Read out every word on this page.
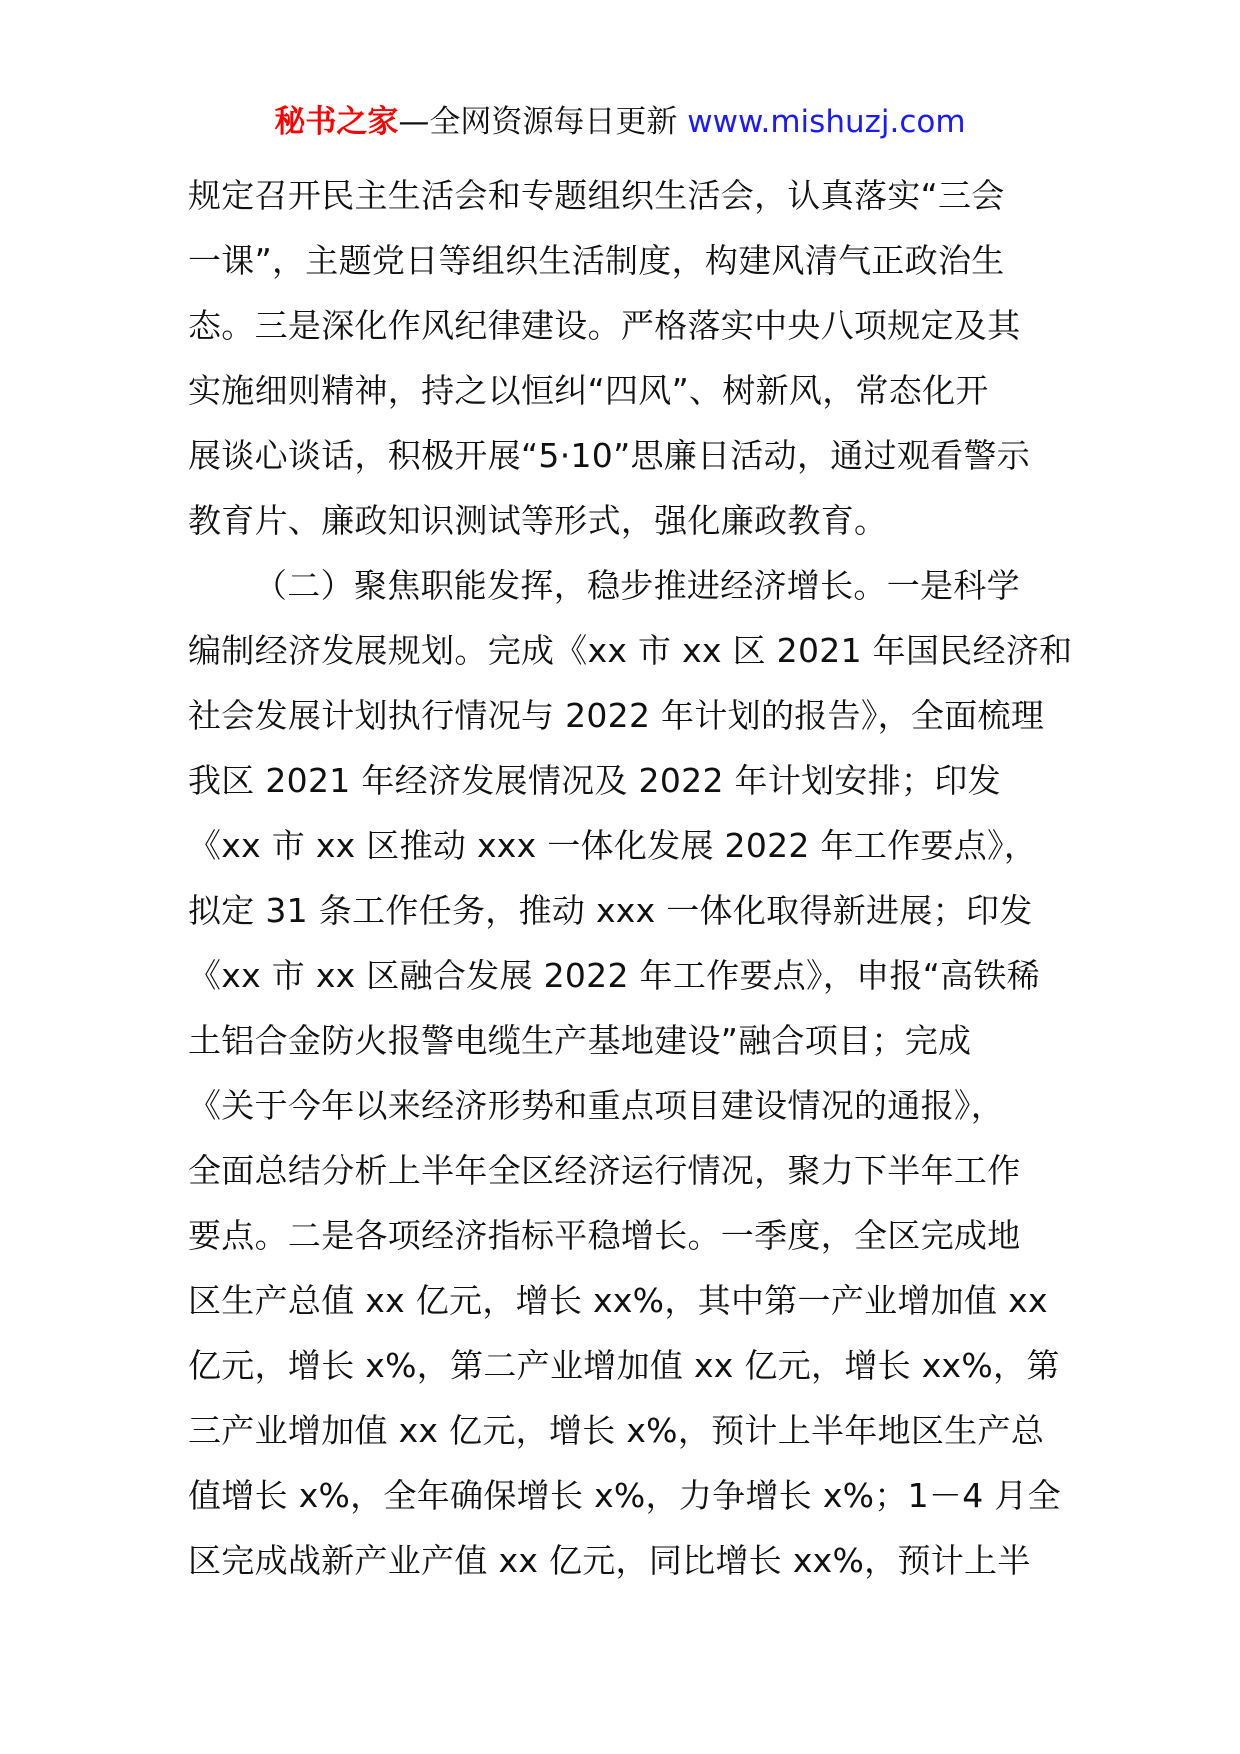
秘书之家—全网资源每日更新 www.mishuzj.com
规定召开民主生活会和专题组织生活会，认真落实“三会
一课”，主题党日等组织生活制度，构建风清气正政治生
态。三是深化作风纪律建设。严格落实中央八项规定及其
实施细则精神，持之以恒纠“四风”、树新风，常态化开
展谈心谈话，积极开展“5·10”思廉日活动，通过观看警示
教育片、廉政知识测试等形式，强化廉政教育。
（二）聚焦职能发挥，稳步推进经济增长。一是科学
编制经济发展规划。完成《xx 市 xx 区 2021 年国民经济和
社会发展计划执行情况与 2022 年计划的报告》，全面梳理
我区 2021 年经济发展情况及 2022 年计划安排；印发
《xx 市 xx 区推动 xxx 一体化发展 2022 年工作要点》，
拟定 31 条工作任务，推动 xxx 一体化取得新进展；印发
《xx 市 xx 区融合发展 2022 年工作要点》，申报“高铁稀
土铝合金防火报警电缆生产基地建设”融合项目；完成
《关于今年以来经济形势和重点项目建设情况的通报》，
全面总结分析上半年全区经济运行情况，聚力下半年工作
要点。二是各项经济指标平稳增长。一季度，全区完成地
区生产总值 xx 亿元，增长 xx%，其中第一产业增加值 xx
亿元，增长 x%，第二产业增加值 xx 亿元，增长 xx%，第
三产业增加值 xx 亿元，增长 x%，预计上半年地区生产总
值增长 x%，全年确保增长 x%，力争增长 x%；1－4 月全
区完成战新产业产值 xx 亿元，同比增长 xx%，预计上半
